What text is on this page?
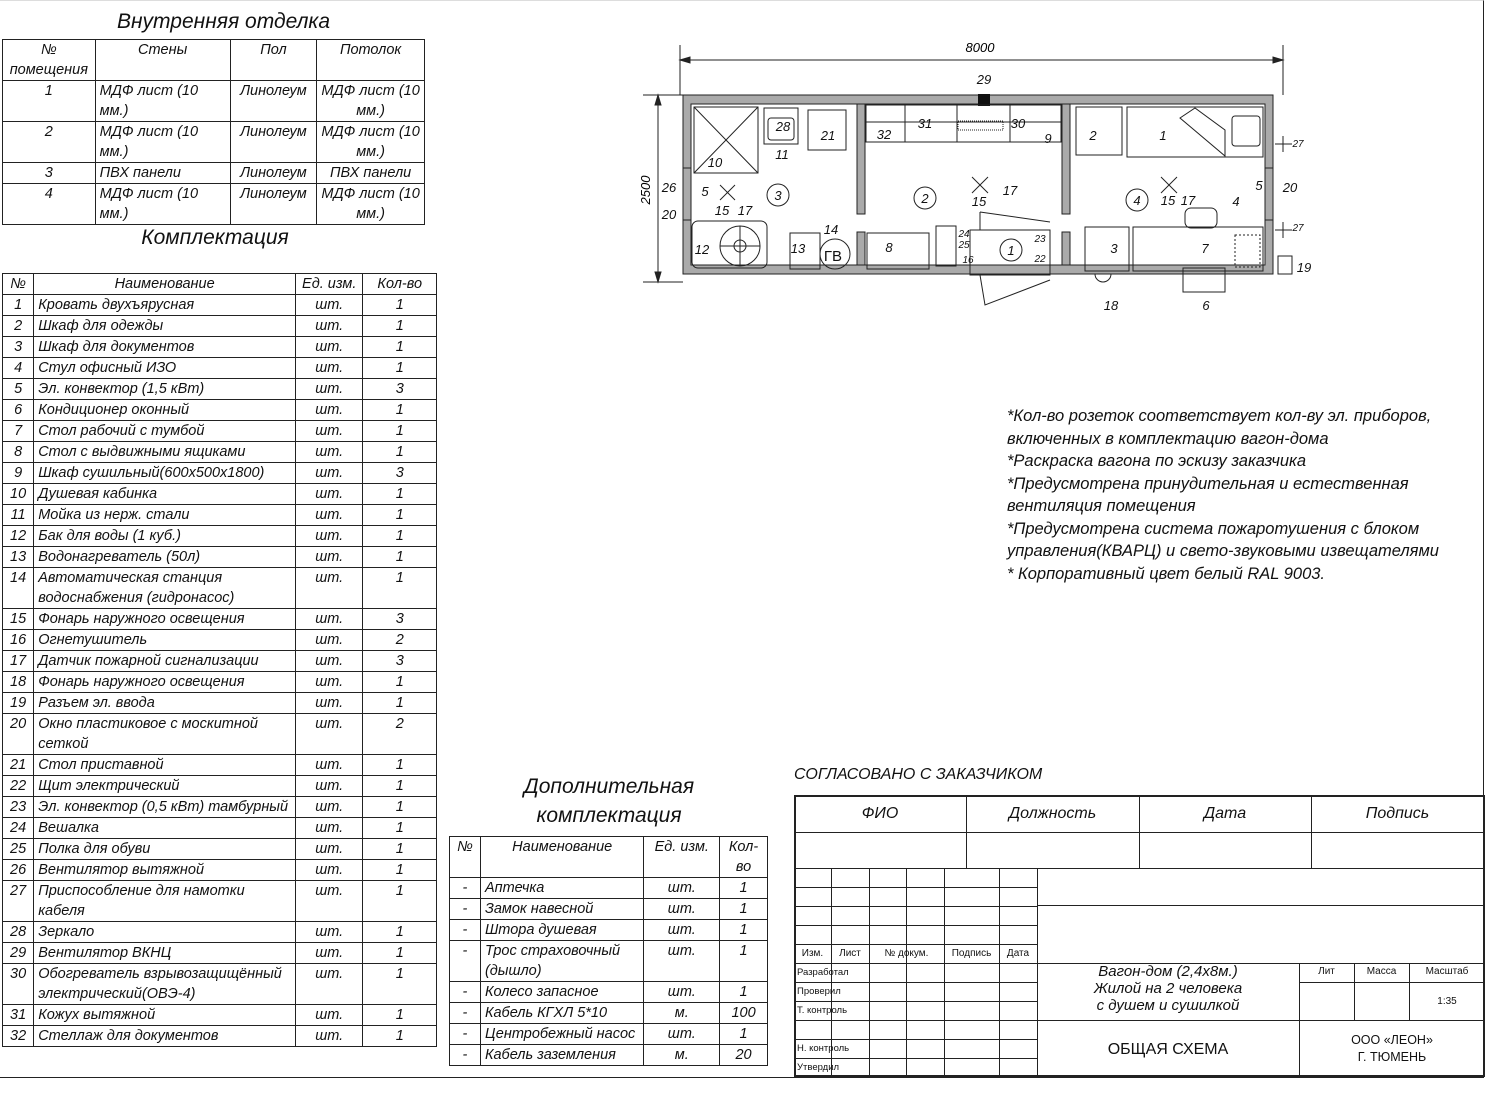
Внутренняя отделка
№ помещения	Стены	Пол	Потолок
1	МДФ лист (10 мм.)	Линолеум	МДФ лист (10 мм.)
2	МДФ лист (10 мм.)	Линолеум	МДФ лист (10 мм.)
3	ПВХ панели	Линолеум	ПВХ панели
4	МДФ лист (10 мм.)	Линолеум	МДФ лист (10 мм.)
Комплектация
№	Наименование	Ед. изм.	Кол-во
1	Кровать двухъярусная	шт.	1
2	Шкаф для одежды	шт.	1
3	Шкаф для документов	шт.	1
4	Стул офисный ИЗО	шт.	1
5	Эл. конвектор (1,5 кВт)	шт.	3
6	Кондиционер оконный	шт.	1
7	Стол рабочий с тумбой	шт.	1
8	Стол с выдвижными ящиками	шт.	1
9	Шкаф сушильный(600х500х1800)	шт.	3
10	Душевая кабинка	шт.	1
11	Мойка из нерж. стали	шт.	1
12	Бак для воды (1 куб.)	шт.	1
13	Водонагреватель (50л)	шт.	1
14	Автоматическая станция водоснабжения (гидронасос)	шт.	1
15	Фонарь наружного освещения	шт.	3
16	Огнетушитель	шт.	2
17	Датчик пожарной сигнализации	шт.	3
18	Фонарь наружного освещения	шт.	1
19	Разъем эл. ввода	шт.	1
20	Окно пластиковое с москитной сеткой	шт.	2
21	Стол приставной	шт.	1
22	Щит электрический	шт.	1
23	Эл. конвектор (0,5 кВт) тамбурный	шт.	1
24	Вешалка	шт.	1
25	Полка для обуви	шт.	1
26	Вентилятор вытяжной	шт.	1
27	Приспособление для намотки кабеля	шт.	1
28	Зеркало	шт.	1
29	Вентилятор ВКНЦ	шт.	1
30	Обогреватель взрывозащищённый электрический(ОВЭ-4)	шт.	1
31	Кожух вытяжной	шт.	1
32	Стеллаж для документов	шт.	1
Дополнительная комплектация
№	Наименование	Ед. изм.	Кол-во
-	Аптечка	шт.	1
-	Замок навесной	шт.	1
-	Штора душевая	шт.	1
-	Трос страховочный (дышло)	шт.	1
-	Колесо запасное	шт.	1
-	Кабель КГХЛ 5*10	м.	100
-	Центробежный насос	шт.	1
-	Кабель заземления	м.	20
*Кол-во розеток соответствует кол-ву эл. приборов, включенных в комплектацию вагон-дома
*Раскраска вагона по эскизу заказчика
*Предусмотрена принудительная и естественная вентиляция помещения
*Предусмотрена система пожаротушения с блоком управления(КВАРЦ) и свето-звуковыми извещателями
* Корпоративный цвет белый RAL 9003.
29
31	30
32
28
21
11
10
9	2	1
27
27
5	5
26
20
20
4
15 17
15
17
15 17
3	2	4
1
12	13
14
ГВ
8
24
25
16
23
22
3	7
19
18	6
8000
2500
СОГЛАСОВАНО С ЗАКАЗЧИКОМ
ФИО	Должность	Дата	Подпись
Изм.	Лист	№ докум.	Подпись	Дата
Разработал
Проверил
Т. контроль
Н. контроль
Утвердил
Вагон-дом (2,4х8м.)
Жилой на 2 человека
с душем и сушилкой
Лит	Масса	Масштаб
1:35
ОБЩАЯ СХЕМА
ООО «ЛЕОН»
Г. ТЮМЕНЬ
